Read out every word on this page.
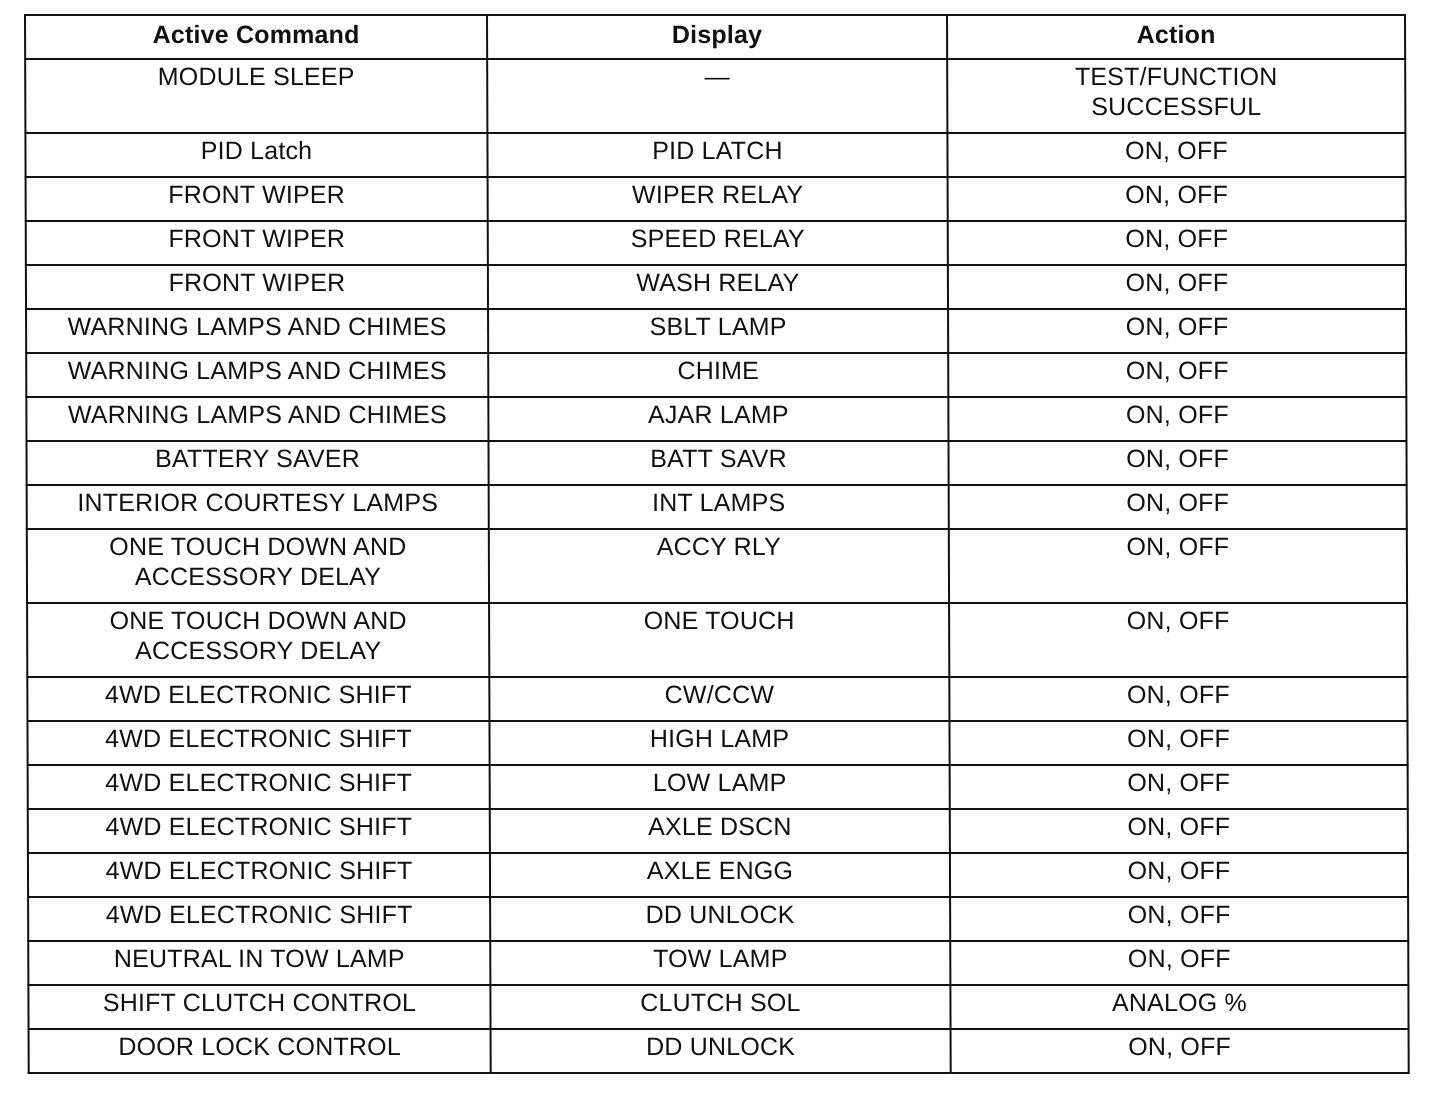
Active Command	Display	Action
MODULE SLEEP	—	TEST/FUNCTION
SUCCESSFUL
PID Latch	PID LATCH	ON, OFF
FRONT WIPER	WIPER RELAY	ON, OFF
FRONT WIPER	SPEED RELAY	ON, OFF
FRONT WIPER	WASH RELAY	ON, OFF
WARNING LAMPS AND CHIMES	SBLT LAMP	ON, OFF
WARNING LAMPS AND CHIMES	CHIME	ON, OFF
WARNING LAMPS AND CHIMES	AJAR LAMP	ON, OFF
BATTERY SAVER	BATT SAVR	ON, OFF
INTERIOR COURTESY LAMPS	INT LAMPS	ON, OFF
ONE TOUCH DOWN AND
ACCESSORY DELAY	ACCY RLY	ON, OFF
ONE TOUCH DOWN AND
ACCESSORY DELAY	ONE TOUCH	ON, OFF
4WD ELECTRONIC SHIFT	CW/CCW	ON, OFF
4WD ELECTRONIC SHIFT	HIGH LAMP	ON, OFF
4WD ELECTRONIC SHIFT	LOW LAMP	ON, OFF
4WD ELECTRONIC SHIFT	AXLE DSCN	ON, OFF
4WD ELECTRONIC SHIFT	AXLE ENGG	ON, OFF
4WD ELECTRONIC SHIFT	DD UNLOCK	ON, OFF
NEUTRAL IN TOW LAMP	TOW LAMP	ON, OFF
SHIFT CLUTCH CONTROL	CLUTCH SOL	ANALOG %
DOOR LOCK CONTROL	DD UNLOCK	ON, OFF
